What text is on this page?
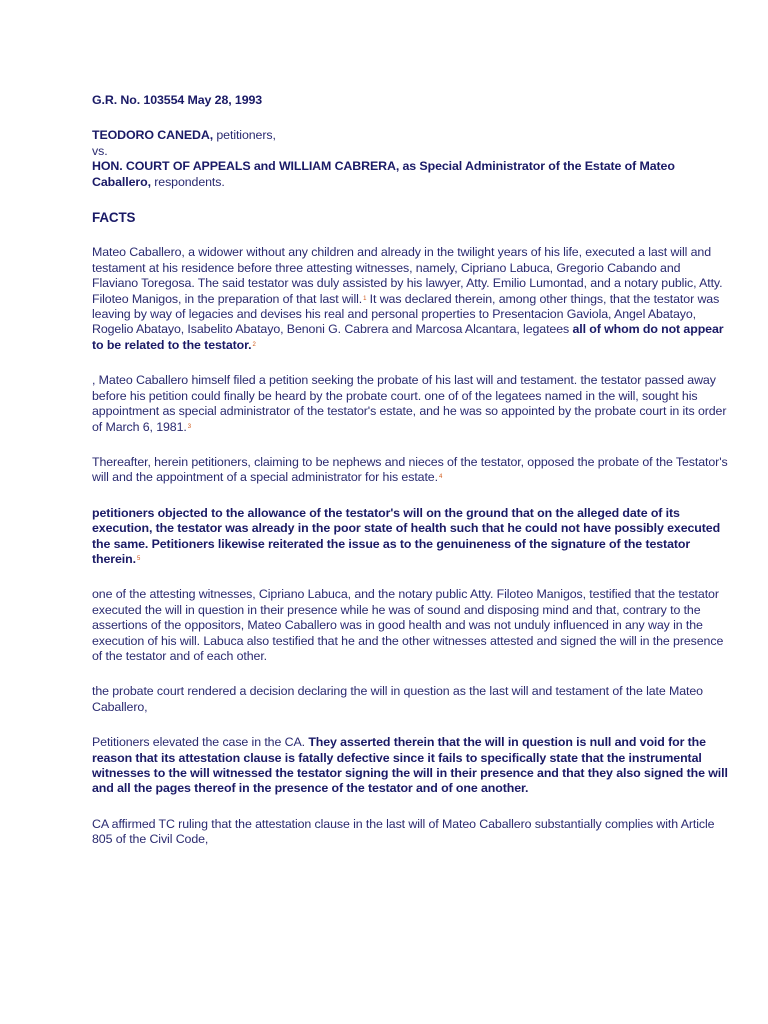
G.R. No. 103554 May 28, 1993

TEODORO CANEDA, petitioners,

vs.

HON. COURT OF APPEALS and WILLIAM CABRERA, as Special Administrator of the Estate of Mateo Caballero, respondents.

FACTS

Mateo Caballero, a widower without any children and already in the twilight years of his life, executed a last will and testament at his residence before three attesting witnesses, namely, Cipriano Labuca, Gregorio Cabando and Flaviano Toregosa. The said testator was duly assisted by his lawyer, Atty. Emilio Lumontad, and a notary public, Atty. Filoteo Manigos, in the preparation of that last will.1 It was declared therein, among other things, that the testator was leaving by way of legacies and devises his real and personal properties to Presentacion Gaviola, Angel Abatayo, Rogelio Abatayo, Isabelito Abatayo, Benoni G. Cabrera and Marcosa Alcantara, legatees all of whom do not appear to be related to the testator.2

, Mateo Caballero himself filed a petition seeking the probate of his last will and testament. the testator passed away before his petition could finally be heard by the probate court. one of of the legatees named in the will, sought his appointment as special administrator of the testator's estate, and he was so appointed by the probate court in its order of March 6, 1981.3

Thereafter, herein petitioners, claiming to be nephews and nieces of the testator, opposed the probate of the Testator's will and the appointment of a special administrator for his estate.4

petitioners objected to the allowance of the testator's will on the ground that on the alleged date of its execution, the testator was already in the poor state of health such that he could not have possibly executed the same. Petitioners likewise reiterated the issue as to the genuineness of the signature of the testator therein.5

one of the attesting witnesses, Cipriano Labuca, and the notary public Atty. Filoteo Manigos, testified that the testator executed the will in question in their presence while he was of sound and disposing mind and that, contrary to the assertions of the oppositors, Mateo Caballero was in good health and was not unduly influenced in any way in the execution of his will. Labuca also testified that he and the other witnesses attested and signed the will in the presence of the testator and of each other.

the probate court rendered a decision declaring the will in question as the last will and testament of the late Mateo Caballero,

Petitioners elevated the case in the CA. They asserted therein that the will in question is null and void for the reason that its attestation clause is fatally defective since it fails to specifically state that the instrumental witnesses to the will witnessed the testator signing the will in their presence and that they also signed the will and all the pages thereof in the presence of the testator and of one another.

CA affirmed TC ruling that the attestation clause in the last will of Mateo Caballero substantially complies with Article 805 of the Civil Code,
